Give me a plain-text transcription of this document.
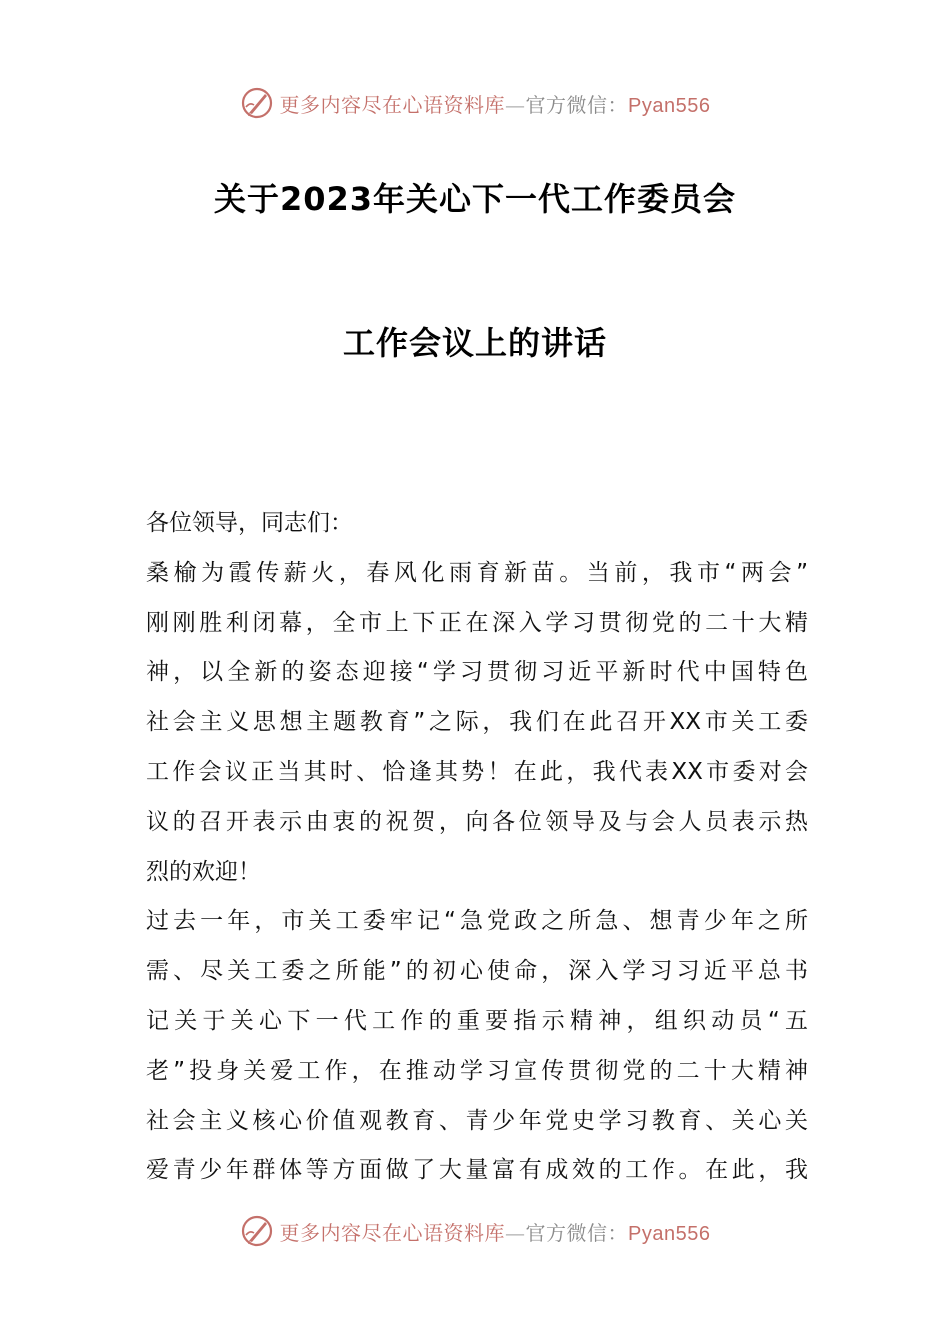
更多内容尽在心语资料库—官方微信：Pyan556
关于2023年关心下一代工作委员会
工作会议上的讲话
各位领导，同志们：
桑榆为霞传薪火，春风化雨育新苗。当前，我市“两会”
刚刚胜利闭幕，全市上下正在深入学习贯彻党的二十大精
神，以全新的姿态迎接“学习贯彻习近平新时代中国特色
社会主义思想主题教育”之际，我们在此召开XX市关工委
工作会议正当其时、恰逢其势！在此，我代表XX市委对会
议的召开表示由衷的祝贺，向各位领导及与会人员表示热
烈的欢迎！
过去一年，市关工委牢记“急党政之所急、想青少年之所
需、尽关工委之所能”的初心使命，深入学习习近平总书
记关于关心下一代工作的重要指示精神，组织动员“五
老”投身关爱工作，在推动学习宣传贯彻党的二十大精神
社会主义核心价值观教育、青少年党史学习教育、关心关
爱青少年群体等方面做了大量富有成效的工作。在此，我
更多内容尽在心语资料库—官方微信：Pyan556
